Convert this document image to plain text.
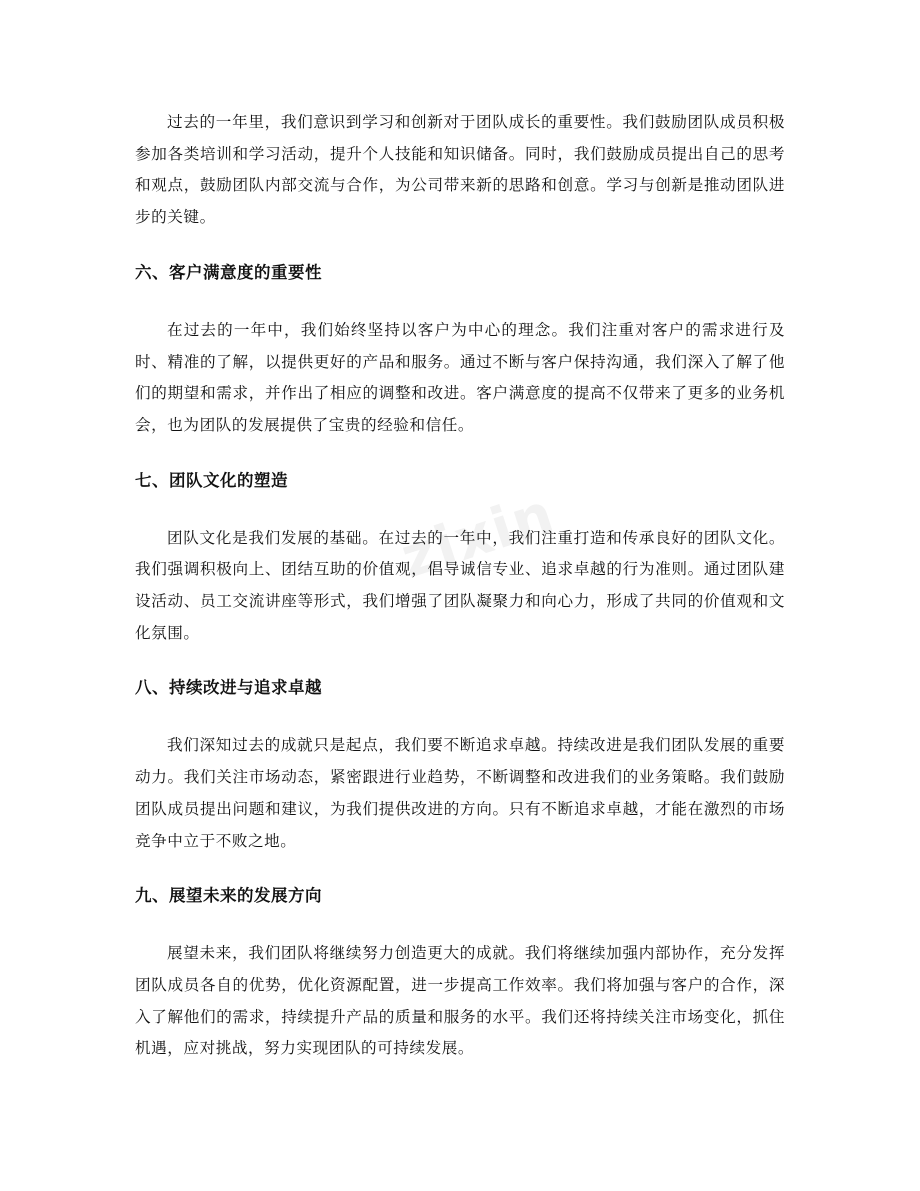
zixin

过去的一年里，我们意识到学习和创新对于团队成长的重要性。我们鼓励团队成员积极参加各类培训和学习活动，提升个人技能和知识储备。同时，我们鼓励成员提出自己的思考和观点，鼓励团队内部交流与合作，为公司带来新的思路和创意。学习与创新是推动团队进步的关键。

六、客户满意度的重要性

在过去的一年中，我们始终坚持以客户为中心的理念。我们注重对客户的需求进行及时、精准的了解，以提供更好的产品和服务。通过不断与客户保持沟通，我们深入了解了他们的期望和需求，并作出了相应的调整和改进。客户满意度的提高不仅带来了更多的业务机会，也为团队的发展提供了宝贵的经验和信任。

七、团队文化的塑造

团队文化是我们发展的基础。在过去的一年中，我们注重打造和传承良好的团队文化。我们强调积极向上、团结互助的价值观，倡导诚信专业、追求卓越的行为准则。通过团队建设活动、员工交流讲座等形式，我们增强了团队凝聚力和向心力，形成了共同的价值观和文化氛围。

八、持续改进与追求卓越

我们深知过去的成就只是起点，我们要不断追求卓越。持续改进是我们团队发展的重要动力。我们关注市场动态，紧密跟进行业趋势，不断调整和改进我们的业务策略。我们鼓励团队成员提出问题和建议，为我们提供改进的方向。只有不断追求卓越，才能在激烈的市场竞争中立于不败之地。

九、展望未来的发展方向

展望未来，我们团队将继续努力创造更大的成就。我们将继续加强内部协作，充分发挥团队成员各自的优势，优化资源配置，进一步提高工作效率。我们将加强与客户的合作，深入了解他们的需求，持续提升产品的质量和服务的水平。我们还将持续关注市场变化，抓住机遇，应对挑战，努力实现团队的可持续发展。
